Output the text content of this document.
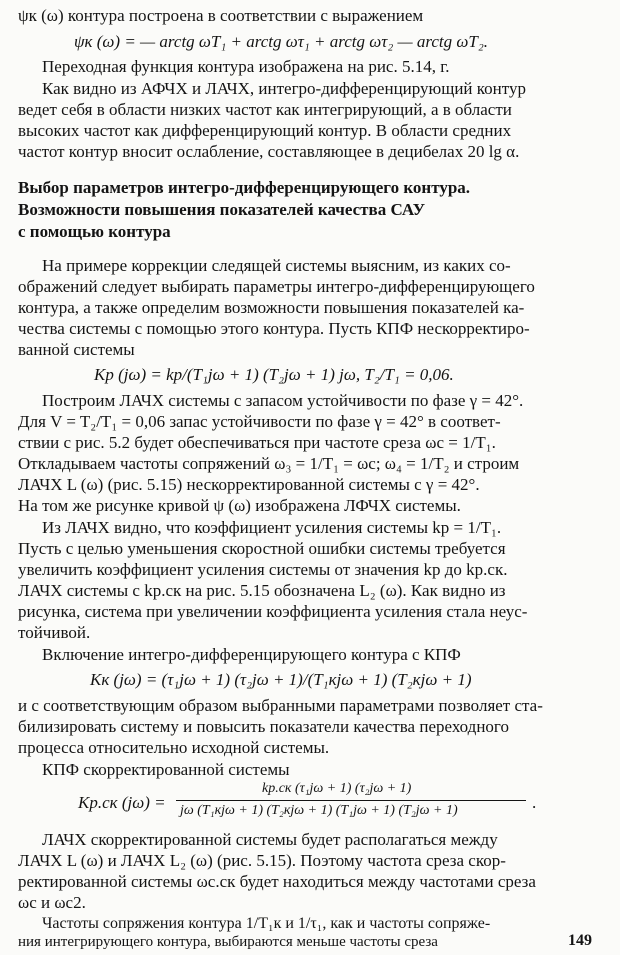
ψк (ω) контура построена в соответствии с выражением
ψк (ω) = — arctg ωT₁ + arctg ωτ₁ + arctg ωτ₂ — arctg ωT₂.
Переходная функция контура изображена на рис. 5.14, г.
Как видно из АФЧХ и ЛАЧХ, интегро-дифференцирующий контур
ведет себя в области низких частот как интегрирующий, а в области
высоких частот как дифференцирующий контур. В области средних
частот контур вносит ослабление, составляющее в децибелах 20 lg α.
Выбор параметров интегро-дифференцирующего контура.
Возможности повышения показателей качества САУ
с помощью контура
На примере коррекции следящей системы выясним, из каких со-
ображений следует выбирать параметры интегро-дифференцирующего
контура, а также определим возможности повышения показателей ка-
чества системы с помощью этого контура. Пусть КПФ нескорректиро-
ванной системы
Kр (jω) = kр/(T₁jω + 1) (T₂jω + 1) jω, T₂/T₁ = 0,06.
Построим ЛАЧХ системы с запасом устойчивости по фазе γ = 42°.
Для V = T₂/T₁ = 0,06 запас устойчивости по фазе γ = 42° в соответ-
ствии с рис. 5.2 будет обеспечиваться при частоте среза ωс = 1/T₁.
Откладываем частоты сопряжений ω₃ = 1/T₁ = ωс; ω₄ = 1/T₂ и строим
ЛАЧХ L (ω) (рис. 5.15) нескорректированной системы с γ = 42°.
На том же рисунке кривой ψ (ω) изображена ЛФЧХ системы.
Из ЛАЧХ видно, что коэффициент усиления системы kр = 1/T₁.
Пусть с целью уменьшения скоростной ошибки системы требуется
увеличить коэффициент усиления системы от значения kр до kр.ск.
ЛАЧХ системы с kр.ск на рис. 5.15 обозначена L₂ (ω). Как видно из
рисунка, система при увеличении коэффициента усиления стала неус-
тойчивой.
Включение интегро-дифференцирующего контура с КПФ
Kк (jω) = (τ₁jω + 1) (τ₂jω + 1)/(T₁кjω + 1) (T₂кjω + 1)
и с соответствующим образом выбранными параметрами позволяет ста-
билизировать систему и повысить показатели качества переходного
процесса относительно исходной системы.
КПФ скорректированной системы
Kр.ск (jω) =
kр.ск (τ₁jω + 1) (τ₂jω + 1)
jω (T₁кjω + 1) (T₂кjω + 1) (T₁jω + 1) (T₂jω + 1)	.
ЛАЧХ скорректированной системы будет располагаться между
ЛАЧХ L (ω) и ЛАЧХ L₂ (ω) (рис. 5.15). Поэтому частота среза скор-
ректированной системы ωс.ск будет находиться между частотами среза
ωс и ωс2.
Частоты сопряжения контура 1/T₁к и 1/τ₁, как и частоты сопряже-
ния интегрирующего контура, выбираются меньше частоты среза	149
